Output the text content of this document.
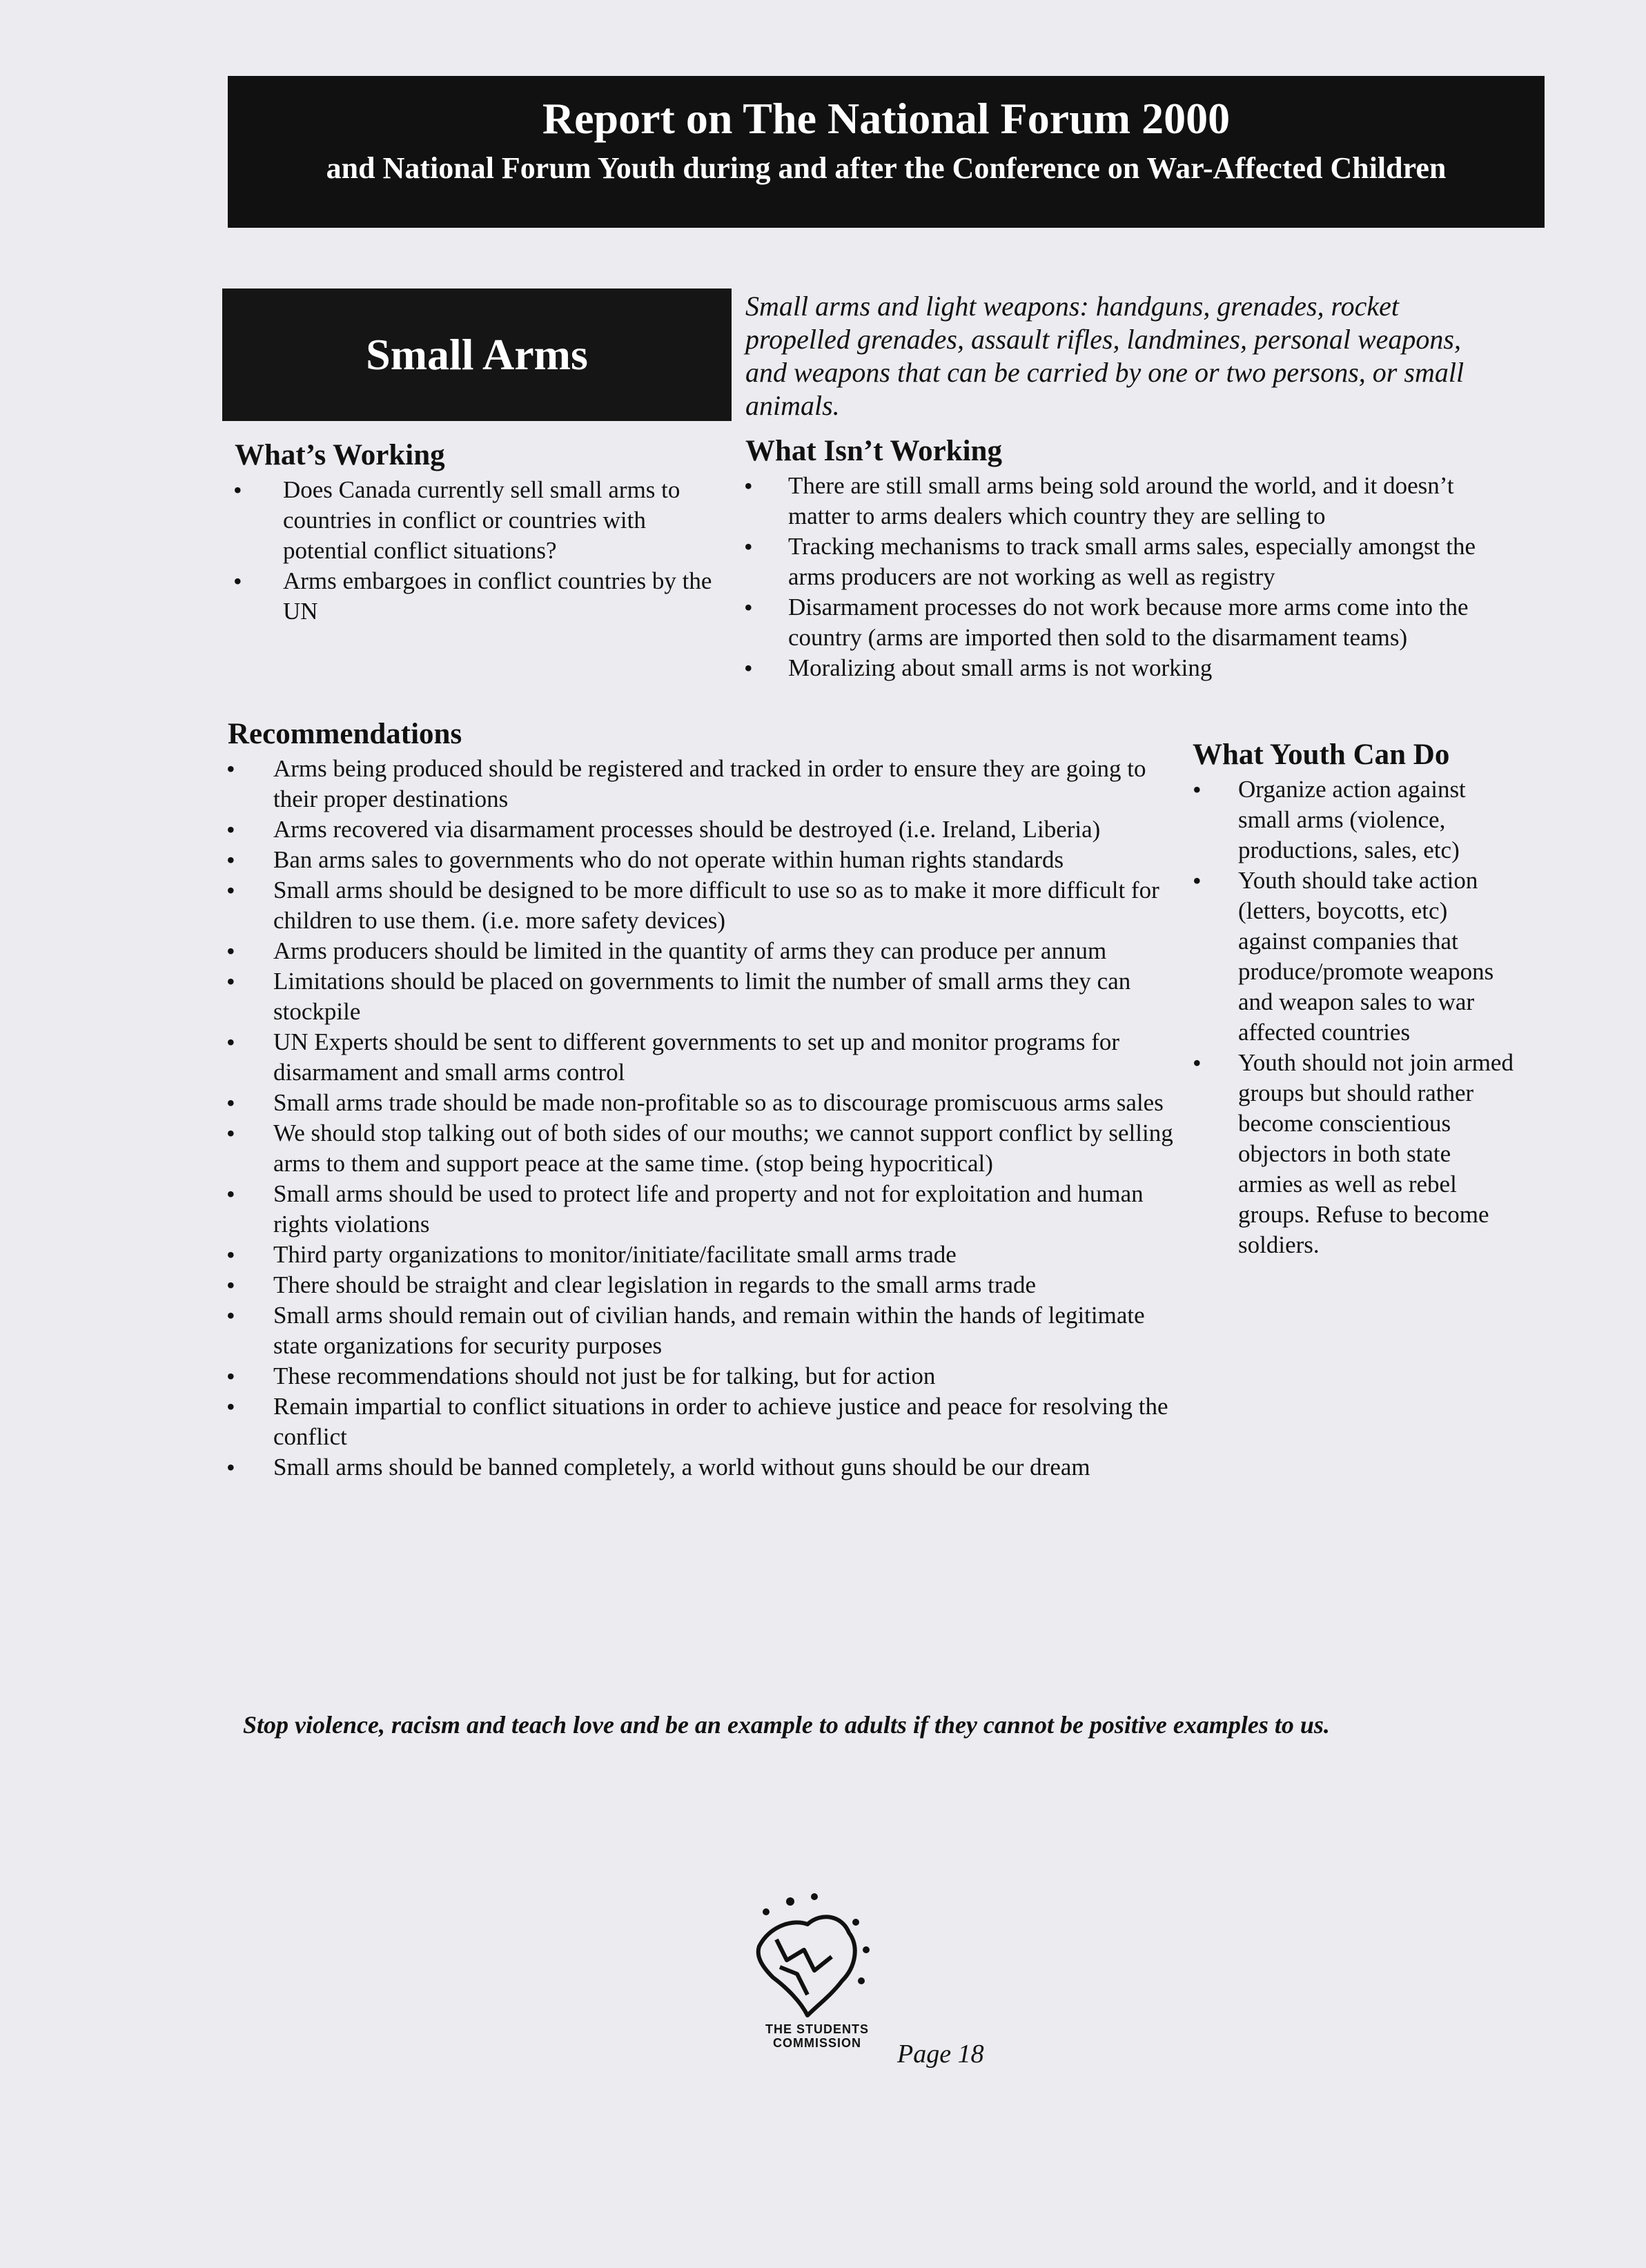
Report on The National Forum 2000
and National Forum Youth during and after the Conference on War-Affected Children
Small Arms
Small arms and light weapons: handguns, grenades, rocket propelled grenades, assault rifles, landmines, personal weapons, and weapons that can be carried by one or two persons, or small animals.
What’s Working
• Does Canada currently sell small arms to countries in conflict or countries with potential conflict situations?
• Arms embargoes in conflict countries by the UN
What Isn’t Working
• There are still small arms being sold around the world, and it doesn’t matter to arms dealers which country they are selling to
• Tracking mechanisms to track small arms sales, especially amongst the arms producers are not working as well as registry
• Disarmament processes do not work because more arms come into the country (arms are imported then sold to the disarmament teams)
• Moralizing about small arms is not working
Recommendations
• Arms being produced should be registered and tracked in order to ensure they are going to their proper destinations
• Arms recovered via disarmament processes should be destroyed (i.e. Ireland, Liberia)
• Ban arms sales to governments who do not operate within human rights standards
• Small arms should be designed to be more difficult to use so as to make it more difficult for children to use them. (i.e. more safety devices)
• Arms producers should be limited in the quantity of arms they can produce per annum
• Limitations should be placed on governments to limit the number of small arms they can stockpile
• UN Experts should be sent to different governments to set up and monitor programs for disarmament and small arms control
• Small arms trade should be made non-profitable so as to discourage promiscuous arms sales
• We should stop talking out of both sides of our mouths; we cannot support conflict by selling arms to them and support peace at the same time. (stop being hypocritical)
• Small arms should be used to protect life and property and not for exploitation and human rights violations
• Third party organizations to monitor/initiate/facilitate small arms trade
• There should be straight and clear legislation in regards to the small arms trade
• Small arms should remain out of civilian hands, and remain within the hands of legitimate state organizations for security purposes
• These recommendations should not just be for talking, but for action
• Remain impartial to conflict situations in order to achieve justice and peace for resolving the conflict
• Small arms should be banned completely, a world without guns should be our dream
What Youth Can Do
• Organize action against small arms (violence, productions, sales, etc)
• Youth should take action (letters, boycotts, etc) against companies that produce/promote weapons and weapon sales to war affected countries
• Youth should not join armed groups but should rather become conscientious objectors in both state armies as well as rebel groups. Refuse to become soldiers.
Stop violence, racism and teach love and be an example to adults if they cannot be positive examples to us.
THE STUDENTS
COMMISSION	Page 18
